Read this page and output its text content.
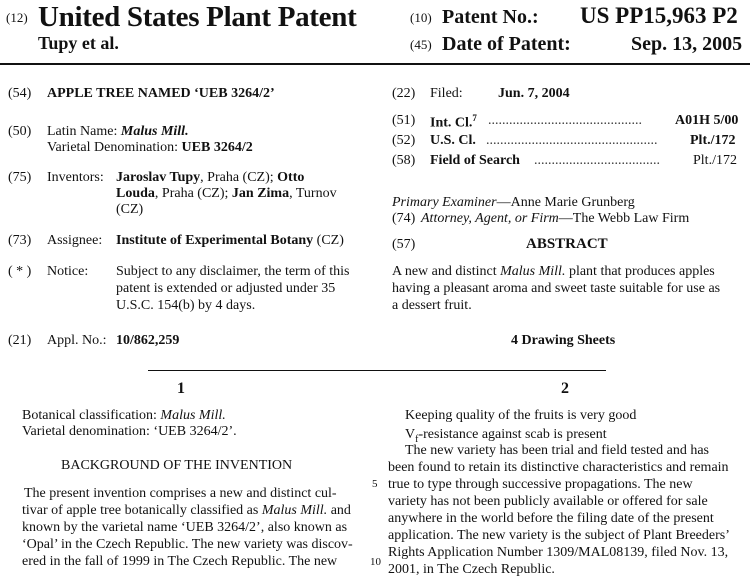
(12) United States Plant Patent
Tupy et al.
(10) Patent No.: US PP15,963 P2
(45) Date of Patent:	Sep. 13, 2005
(54) APPLE TREE NAMED ‘UEB 3264/2’
(50) Latin Name: Malus Mill.
Varietal Denomination: UEB 3264/2
(75) Inventors: Jaroslav Tupy, Praha (CZ); Otto
Louda, Praha (CZ); Jan Zima, Turnov
(CZ)
(73) Assignee: Institute of Experimental Botany (CZ)
( * ) Notice: Subject to any disclaimer, the term of this
patent is extended or adjusted under 35
U.S.C. 154(b) by 4 days.
(21) Appl. No.: 10/862,259
(22) Filed:	Jun. 7, 2004
(51) Int. Cl.$^7$ ............................................ A01H 5/00
(52) U.S. Cl. ................................................. Plt./172
(58) Field of Search .................................... Plt./172
Primary Examiner—Anne Marie Grunberg
(74) Attorney, Agent, or Firm—The Webb Law Firm
(57)	ABSTRACT
A new and distinct Malus Mill. plant that produces apples
having a pleasant aroma and sweet taste suitable for use as
a dessert fruit.
4 Drawing Sheets
1	2
Botanical classification: Malus Mill.
Varietal denomination: ‘UEB 3264/2’.
BACKGROUND OF THE INVENTION
The present invention comprises a new and distinct cul-
tivar of apple tree botanically classified as Malus Mill. and
known by the varietal name ‘UEB 3264/2’, also known as
‘Opal’ in the Czech Republic. The new variety was discov-
ered in the fall of 1999 in The Czech Republic. The new
5
10
Keeping quality of the fruits is very good
$V_f$-resistance against scab is present
The new variety has been trial and field tested and has
been found to retain its distinctive characteristics and remain
true to type through successive propagations. The new
variety has not been publicly available or offered for sale
anywhere in the world before the filing date of the present
application. The new variety is the subject of Plant Breeders’
Rights Application Number 1309/MAL08139, filed Nov. 13,
2001, in The Czech Republic.
